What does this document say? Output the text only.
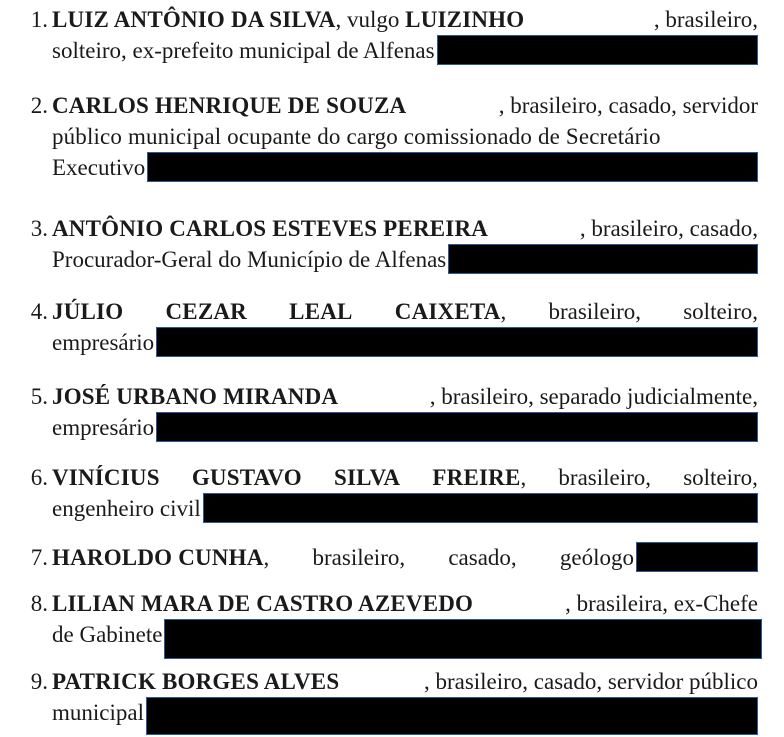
1. LUIZ ANTÔNIO DA SILVA, vulgo LUIZINHO	, brasileiro,
solteiro, ex-prefeito municipal de Alfenas
2. CARLOS HENRIQUE DE SOUZA	, brasileiro, casado, servidor
público municipal ocupante do cargo comissionado de Secretário
Executivo
3. ANTÔNIO CARLOS ESTEVES PEREIRA	, brasileiro, casado,
Procurador-Geral do Município de Alfenas
4. JÚLIO CEZAR LEAL CAIXETA, brasileiro, solteiro,
empresário
5. JOSÉ URBANO MIRANDA	, brasileiro, separado judicialmente,
empresário
6. VINÍCIUS GUSTAVO SILVA FREIRE, brasileiro, solteiro,
engenheiro civil
7. HAROLDO CUNHA, brasileiro, casado, geólogo
8. LILIAN MARA DE CASTRO AZEVEDO	, brasileira, ex-Chefe
de Gabinete
9. PATRICK BORGES ALVES	, brasileiro, casado, servidor público
municipal
